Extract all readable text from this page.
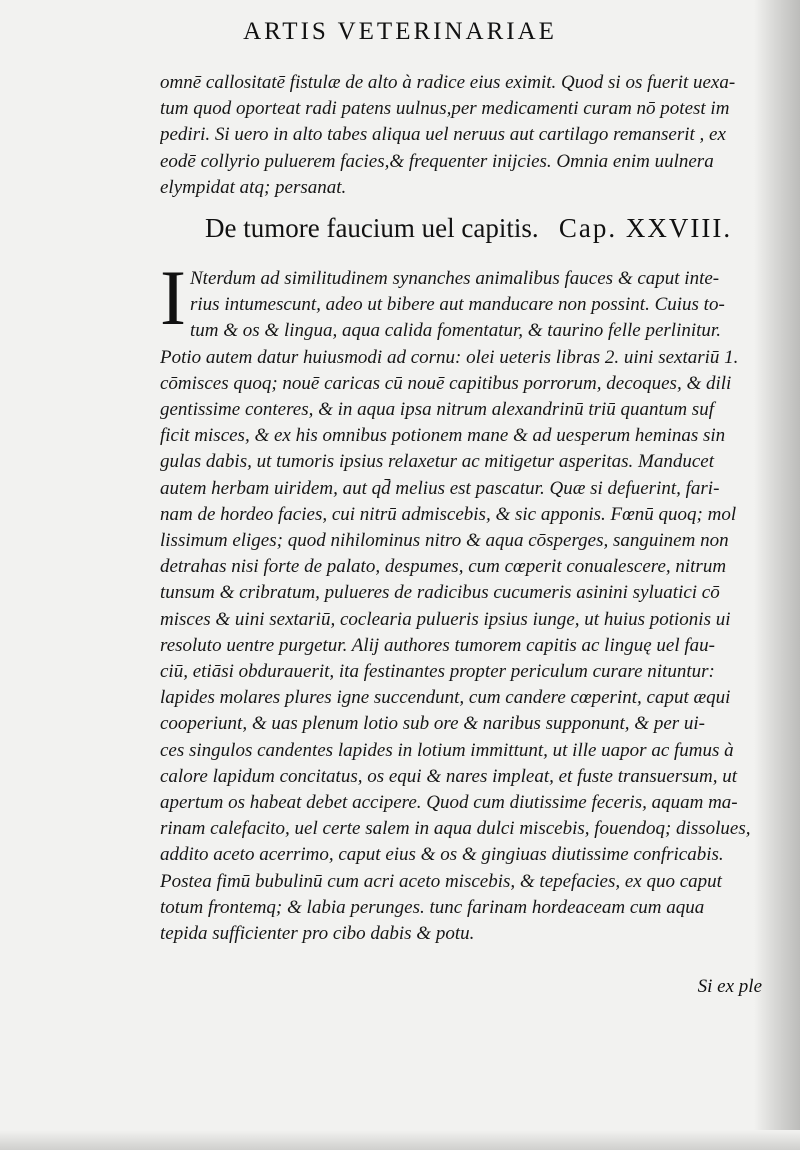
ARTIS VETERINARIAE
omnē callositatē fistulæ de alto à radice eius eximit. Quod si os fuerit uexa-
tum quod oporteat radi patens uulnus,per medicamenti curam nō potest im
pediri. Si uero in alto tabes aliqua uel neruus aut cartilago remanserit , ex
eodē collyrio puluerem facies,& frequenter inijcies. Omnia enim uulnera
elympidat atq; persanat.
De tumore faucium uel capitis. Cap. XXVIII.
I Nterdum ad similitudinem synanches animalibus fauces & caput inte-
rius intumescunt, adeo ut bibere aut manducare non possint. Cuius to-
tum & os & lingua, aqua calida fomentatur, & taurino felle perlinitur.
Potio autem datur huiusmodi ad cornu: olei ueteris libras 2. uini sextariū 1.
cōmisces quoq; nouē caricas cū nouē capitibus porrorum, decoques, & dili
gentissime conteres, & in aqua ipsa nitrum alexandrinū triū quantum suf
ficit misces, & ex his omnibus potionem mane & ad uesperum heminas sin
gulas dabis, ut tumoris ipsius relaxetur ac mitigetur asperitas. Manducet
autem herbam uiridem, aut qd̄ melius est pascatur. Quæ si defuerint, fari-
nam de hordeo facies, cui nitrū admiscebis, & sic apponis. Fœnū quoq; mol
lissimum eliges; quod nihilominus nitro & aqua cōsperges, sanguinem non
detrahas nisi forte de palato, despumes, cum cœperit conualescere, nitrum
tunsum & cribratum, pulueres de radicibus cucumeris asinini syluatici cō
misces & uini sextariū, coclearia pulueris ipsius iunge, ut huius potionis ui
resoluto uentre purgetur. Alij authores tumorem capitis ac linguę uel fau-
ciū, etiāsi obdurauerit, ita festinantes propter periculum curare nituntur:
lapides molares plures igne succendunt, cum candere cœperint, caput æqui
cooperiunt, & uas plenum lotio sub ore & naribus supponunt, & per ui-
ces singulos candentes lapides in lotium immittunt, ut ille uapor ac fumus à
calore lapidum concitatus, os equi & nares impleat, et fuste transuersum, ut
apertum os habeat debet accipere. Quod cum diutissime feceris, aquam ma-
rinam calefacito, uel certe salem in aqua dulci miscebis, fouendoq; dissolues,
addito aceto acerrimo, caput eius & os & gingiuas diutissime confricabis.
Postea fimū bubulinū cum acri aceto miscebis, & tepefacies, ex quo caput
totum frontemq; & labia perunges. tunc farinam hordeaceam cum aqua
tepida sufficienter pro cibo dabis & potu.
Si ex ple
